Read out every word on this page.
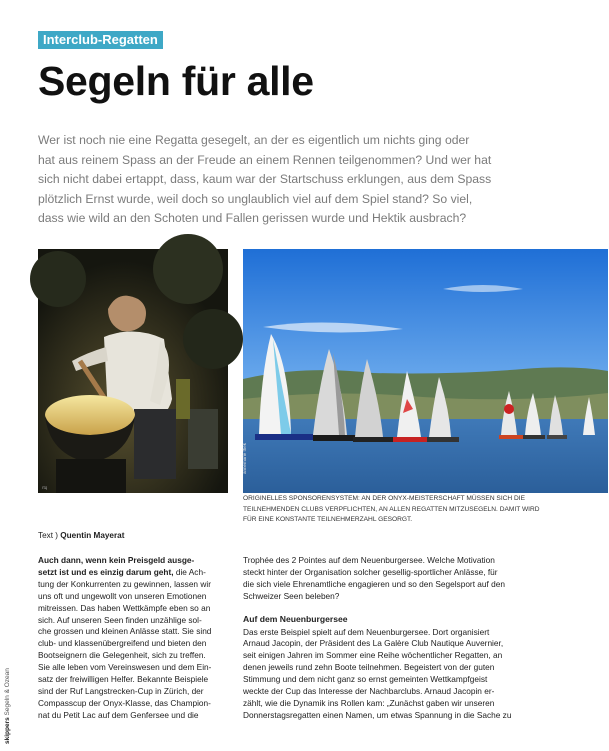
Interclub-Regatten
Segeln für alle
Wer ist noch nie eine Regatta gesegelt, an der es eigentlich um nichts ging oder
hat aus reinem Spass an der Freude an einem Rennen teilgenommen? Und wer hat
sich nicht dabei ertappt, dass, kaum war der Startschuss erklungen, aus dem Spass
plötzlich Ernst wurde, weil doch so unglaublich viel auf dem Spiel stand? So viel,
dass wie wild an den Schoten und Fallen gerissen wurde und Hektik ausbrach?
rtq
annemarie thek
ORIGINELLES SPONSORENSYSTEM: AN DER ONYX-MEISTERSCHAFT MÜSSEN SICH DIE
TEILNEHMENDEN CLUBS VERPFLICHTEN, AN ALLEN REGATTEN MITZUSEGELN. DAMIT WIRD
FÜR EINE KONSTANTE TEILNEHMERZAHL GESORGT.
Text ) Quentin Mayerat
Auch dann, wenn kein Preisgeld ausge-
setzt ist und es einzig darum geht, die Ach-
tung der Konkurrenten zu gewinnen, lassen wir
uns oft und ungewollt von unseren Emotionen
mitreissen. Das haben Wettkämpfe eben so an
sich. Auf unseren Seen finden unzählige sol-
che grossen und kleinen Anlässe statt. Sie sind
club- und klassenübergreifend und bieten den
Bootseignern die Gelegenheit, sich zu treffen.
Sie alle leben vom Vereinswesen und dem Ein-
satz der freiwilligen Helfer. Bekannte Beispiele
sind der Ruf Langstrecken-Cup in Zürich, der
Compasscup der Onyx-Klasse, das Champion-
nat du Petit Lac auf dem Genfersee und die
Trophée des 2 Pointes auf dem Neuenburgersee. Welche Motivation
steckt hinter der Organisation solcher gesellig-sportlicher Anlässe, für
die sich viele Ehrenamtliche engagieren und so den Segelsport auf den
Schweizer Seen beleben?
Auf dem Neuenburgersee
Das erste Beispiel spielt auf dem Neuenburgersee. Dort organisiert
Arnaud Jacopin, der Präsident des La Galère Club Nautique Auvernier,
seit einigen Jahren im Sommer eine Reihe wöchentlicher Regatten, an
denen jeweils rund zehn Boote teilnehmen. Begeistert von der guten
Stimmung und dem nicht ganz so ernst gemeinten Wettkampfgeist
weckte der Cup das Interesse der Nachbarclubs. Arnaud Jacopin er-
zählt, wie die Dynamik ins Rollen kam: „Zunächst gaben wir unseren
Donnerstagsregatten einen Namen, um etwas Spannung in die Sache zu
skippers Segeln & Ozean
